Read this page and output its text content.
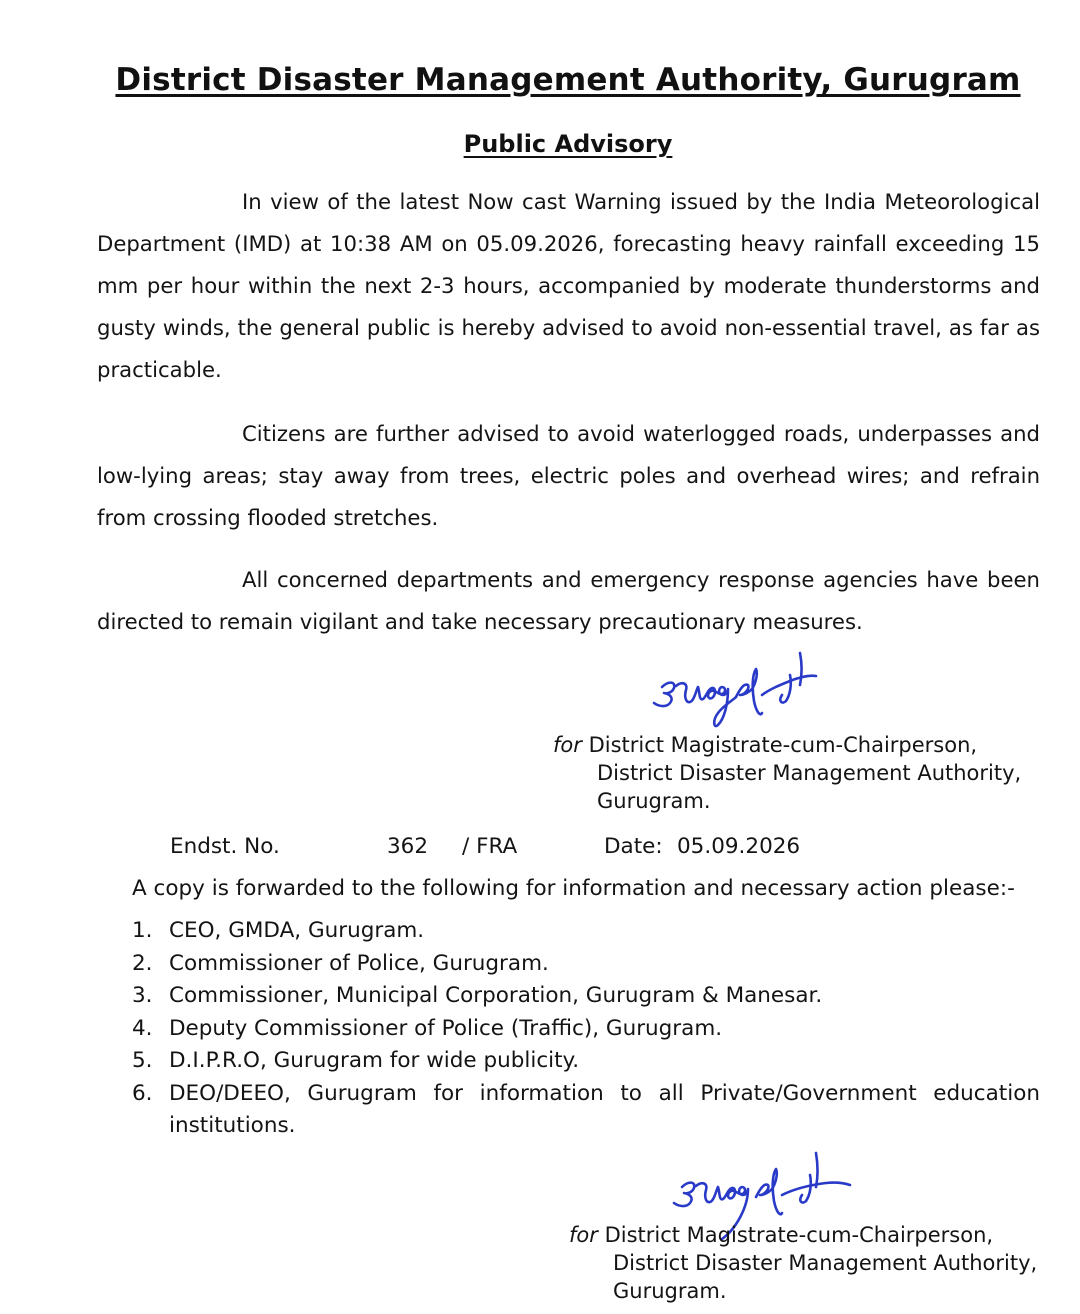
District Disaster Management Authority, Gurugram
Public Advisory

In view of the latest Now cast Warning issued by the India Meteorological Department (IMD) at 10:38 AM on 05.09.2026, forecasting heavy rainfall exceeding 15 mm per hour within the next 2-3 hours, accompanied by moderate thunderstorms and gusty winds, the general public is hereby advised to avoid non-essential travel, as far as practicable.

Citizens are further advised to avoid waterlogged roads, underpasses and low-lying areas; stay away from trees, electric poles and overhead wires; and refrain from crossing flooded stretches.

All concerned departments and emergency response agencies have been directed to remain vigilant and take necessary precautionary measures.

for District Magistrate-cum-Chairperson,
District Disaster Management Authority,
Gurugram.
Endst. No.	362 / FRA	Date: 05.09.2026
A copy is forwarded to the following for information and necessary action please:-
1. CEO, GMDA, Gurugram.
2. Commissioner of Police, Gurugram.
3. Commissioner, Municipal Corporation, Gurugram & Manesar.
4. Deputy Commissioner of Police (Traffic), Gurugram.
5. D.I.P.R.O, Gurugram for wide publicity.
6. DEO/DEEO, Gurugram for information to all Private/Government education institutions.
for District Magistrate-cum-Chairperson,
District Disaster Management Authority,
Gurugram.
